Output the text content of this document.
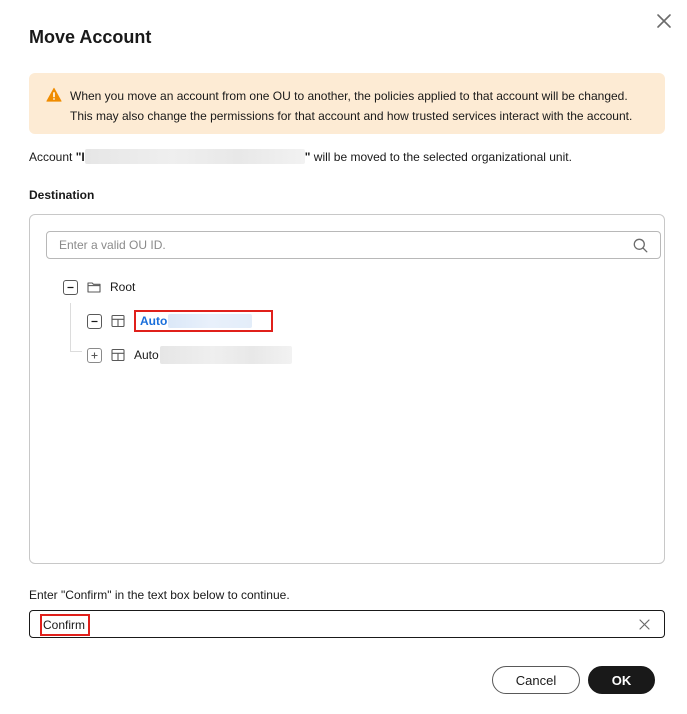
Move Account
When you move an account from one OU to another, the policies applied to that account will be changed.
This may also change the permissions for that account and how trusted services interact with the account.
Account "I	" will be moved to the selected organizational unit.
Destination
Enter a valid OU ID.
Root
Auto
Auto
Enter "Confirm" in the text box below to continue.
Confirm
Cancel	OK
